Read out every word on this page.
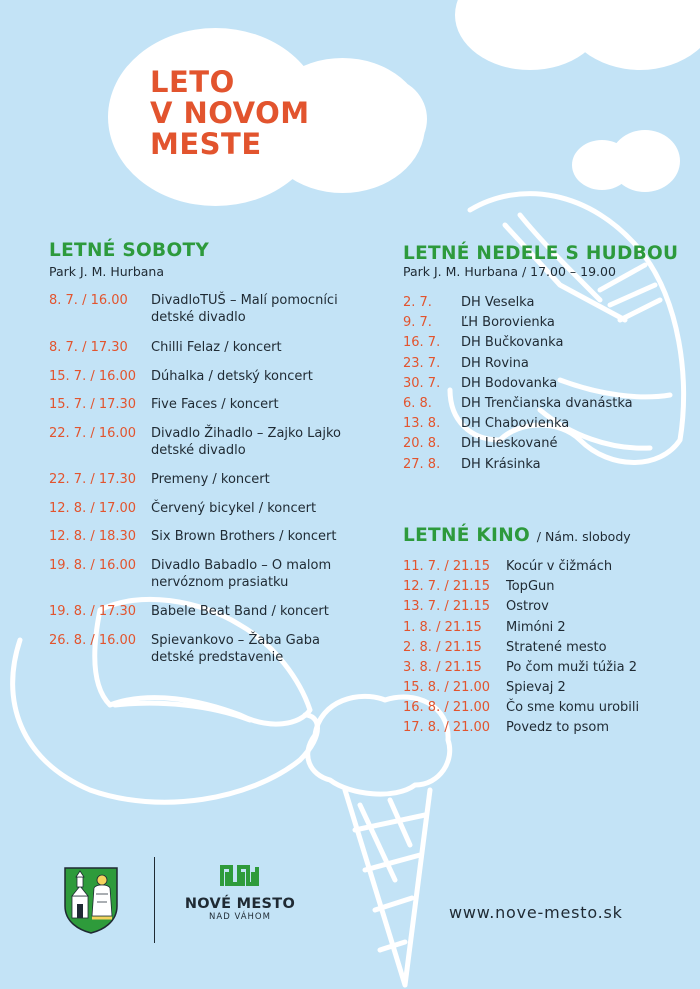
LETO
V NOVOM
MESTE
LETNÉ SOBOTY
Park J. M. Hurbana
8. 7. / 16.00 DivadloTUŠ – Malí pomocníci
detské divadlo
8. 7. / 17.30 Chilli Felaz / koncert
15. 7. / 16.00 Dúhalka / detský koncert
15. 7. / 17.30 Five Faces / koncert
22. 7. / 16.00 Divadlo Žihadlo – Zajko Lajko
detské divadlo
22. 7. / 17.30 Premeny / koncert
12. 8. / 17.00 Červený bicykel / koncert
12. 8. / 18.30 Six Brown Brothers / koncert
19. 8. / 16.00 Divadlo Babadlo – O malom
nervóznom prasiatku
19. 8. / 17.30 Babele Beat Band / koncert
26. 8. / 16.00 Spievankovo – Žaba Gaba
detské predstavenie
LETNÉ NEDELE S HUDBOU
Park J. M. Hurbana / 17.00 – 19.00
2. 7. DH Veselka
9. 7. ĽH Borovienka
16. 7. DH Bučkovanka
23. 7. DH Rovina
30. 7. DH Bodovanka
6. 8. DH Trenčianska dvanástka
13. 8. DH Chabovienka
20. 8. DH Lieskované
27. 8. DH Krásinka
LETNÉ KINO / Nám. slobody
11. 7. / 21.15 Kocúr v čižmách
12. 7. / 21.15 TopGun
13. 7. / 21.15 Ostrov
1. 8. / 21.15 Mimóni 2
2. 8. / 21.15 Stratené mesto
3. 8. / 21.15 Po čom muži túžia 2
15. 8. / 21.00 Spievaj 2
16. 8. / 21.00 Čo sme komu urobili
17. 8. / 21.00 Povedz to psom
NOVÉ MESTO
NAD VÁHOM	www.nove-mesto.sk
